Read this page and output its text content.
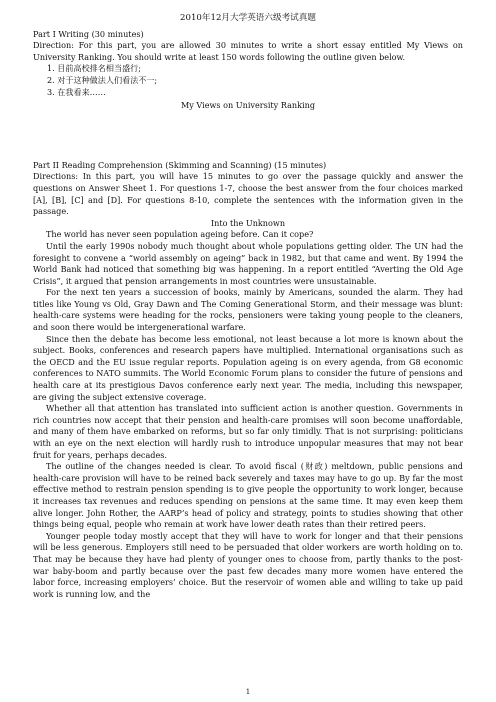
2010年12月大学英语六级考试真题

Part I Writing (30 minutes)

Direction: For this part, you are allowed 30 minutes to write a short essay entitled My Views on University Ranking. You should write at least 150 words following the outline given below.

1. 目前高校排名相当盛行;
2. 对于这种做法人们看法不一;
3. 在我看来……

My Views on University Ranking

Part II Reading Comprehension (Skimming and Scanning) (15 minutes)

Directions: In this part, you will have 15 minutes to go over the passage quickly and answer the questions on Answer Sheet 1. For questions 1-7, choose the best answer from the four choices marked [A], [B], [C] and [D]. For questions 8-10, complete the sentences with the information given in the passage.

Into the Unknown

The world has never seen population ageing before. Can it cope?

Until the early 1990s nobody much thought about whole populations getting older. The UN had the foresight to convene a “world assembly on ageing” back in 1982, but that came and went. By 1994 the World Bank had noticed that something big was happening. In a report entitled “Averting the Old Age Crisis”, it argued that pension arrangements in most countries were unsustainable.

For the next ten years a succession of books, mainly by Americans, sounded the alarm. They had titles like Young vs Old, Gray Dawn and The Coming Generational Storm, and their message was blunt: health-care systems were heading for the rocks, pensioners were taking young people to the cleaners, and soon there would be intergenerational warfare.

Since then the debate has become less emotional, not least because a lot more is known about the subject. Books, conferences and research papers have multiplied. International organisations such as the OECD and the EU issue regular reports. Population ageing is on every agenda, from G8 economic conferences to NATO summits. The World Economic Forum plans to consider the future of pensions and health care at its prestigious Davos conference early next year. The media, including this newspaper, are giving the subject extensive coverage.

Whether all that attention has translated into sufficient action is another question. Governments in rich countries now accept that their pension and health-care promises will soon become unaffordable, and many of them have embarked on reforms, but so far only timidly. That is not surprising: politicians with an eye on the next election will hardly rush to introduce unpopular measures that may not bear fruit for years, perhaps decades.

The outline of the changes needed is clear. To avoid fiscal (财政) meltdown, public pensions and health-care provision will have to be reined back severely and taxes may have to go up. By far the most effective method to restrain pension spending is to give people the opportunity to work longer, because it increases tax revenues and reduces spending on pensions at the same time. It may even keep them alive longer. John Rother, the AARP’s head of policy and strategy, points to studies showing that other things being equal, people who remain at work have lower death rates than their retired peers.

Younger people today mostly accept that they will have to work for longer and that their pensions will be less generous. Employers still need to be persuaded that older workers are worth holding on to. That may be because they have had plenty of younger ones to choose from, partly thanks to the post-war baby-boom and partly because over the past few decades many more women have entered the labor force, increasing employers’ choice. But the reservoir of women able and willing to take up paid work is running low, and the

1
